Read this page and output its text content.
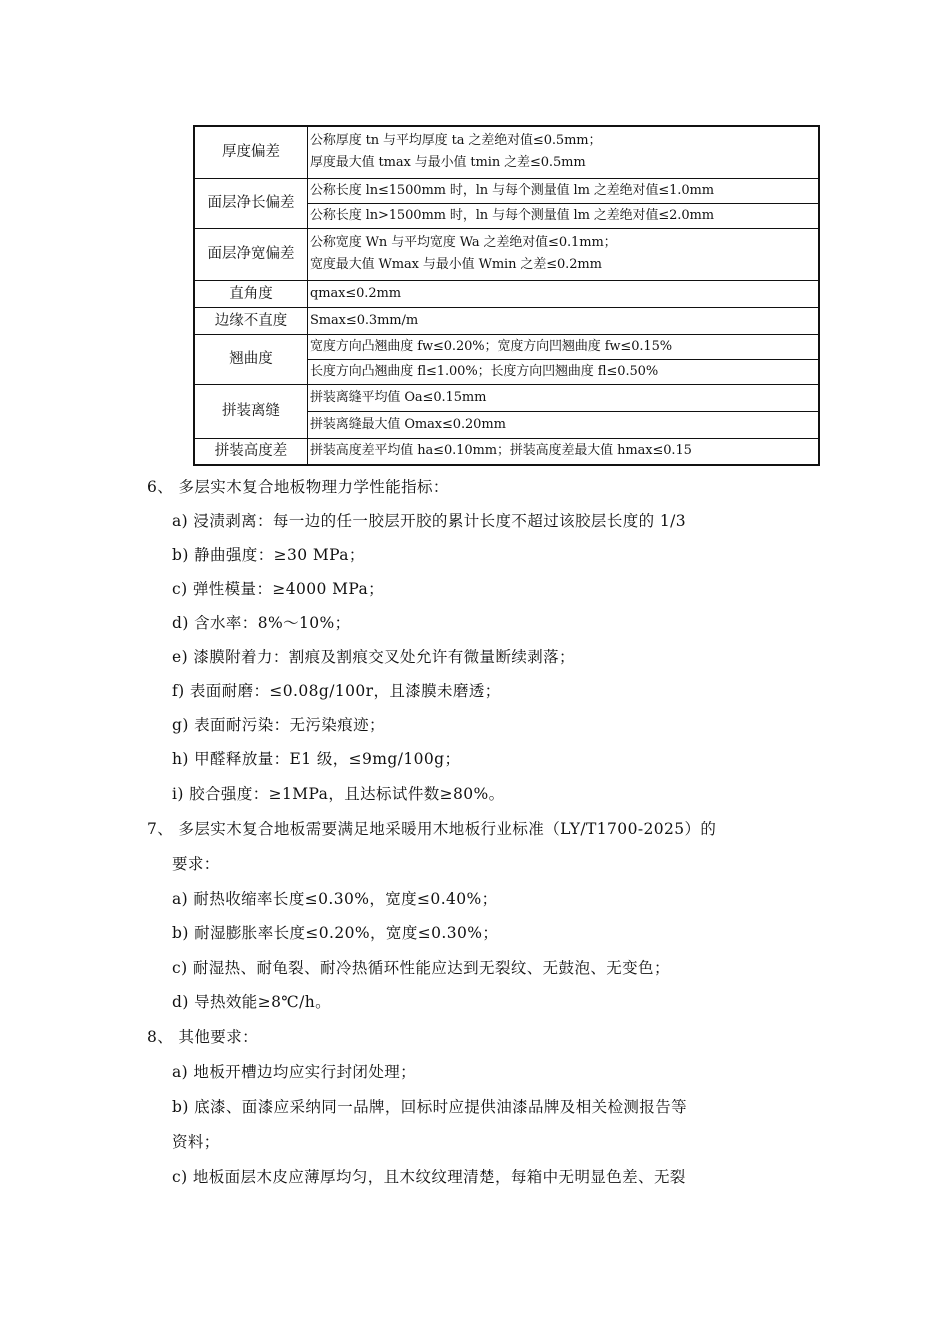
厚度偏差	公称厚度 tn 与平均厚度 ta 之差绝对值≤0.5mm；
厚度最大值 tmax 与最小值 tmin 之差≤0.5mm

面层净长偏差	公称长度 ln≤1500mm 时，ln 与每个测量值 lm 之差绝对值≤1.0mm
	公称长度 ln>1500mm 时，ln 与每个测量值 lm 之差绝对值≤2.0mm
面层净宽偏差	公称宽度 Wn 与平均宽度 Wa 之差绝对值≤0.1mm；
宽度最大值 Wmax 与最小值 Wmin 之差≤0.2mm

直角度	qmax≤0.2mm
边缘不直度	Smax≤0.3mm/m
翘曲度	宽度方向凸翘曲度 fw≤0.20%；宽度方向凹翘曲度 fw≤0.15%
	长度方向凸翘曲度 fl≤1.00%；长度方向凹翘曲度 fl≤0.50%
拼装离缝	拼装离缝平均值 Oa≤0.15mm
	拼装离缝最大值 Omax≤0.20mm
拼装高度差	拼装高度差平均值 ha≤0.10mm；拼装高度差最大值 hmax≤0.15
6、 多层实木复合地板物理力学性能指标：
a) 浸渍剥离：每一边的任一胶层开胶的累计长度不超过该胶层长度的 1/3
b) 静曲强度：≥30 MPa；
c) 弹性模量：≥4000 MPa；
d) 含水率：8%～10%；
e) 漆膜附着力：割痕及割痕交叉处允许有微量断续剥落；
f) 表面耐磨：≤0.08g/100r，且漆膜未磨透；
g) 表面耐污染：无污染痕迹；
h) 甲醛释放量：E1 级，≤9mg/100g；
i) 胶合强度：≥1MPa，且达标试件数≥80%。
7、 多层实木复合地板需要满足地采暖用木地板行业标准（LY/T1700-2025）的
要求：
a) 耐热收缩率长度≤0.30%，宽度≤0.40%；
b) 耐湿膨胀率长度≤0.20%，宽度≤0.30%；
c) 耐湿热、耐龟裂、耐冷热循环性能应达到无裂纹、无鼓泡、无变色；
d) 导热效能≥8℃/h。
8、 其他要求：
a) 地板开槽边均应实行封闭处理；
b) 底漆、面漆应采纳同一品牌，回标时应提供油漆品牌及相关检测报告等
资料；
c) 地板面层木皮应薄厚均匀，且木纹纹理清楚，每箱中无明显色差、无裂
